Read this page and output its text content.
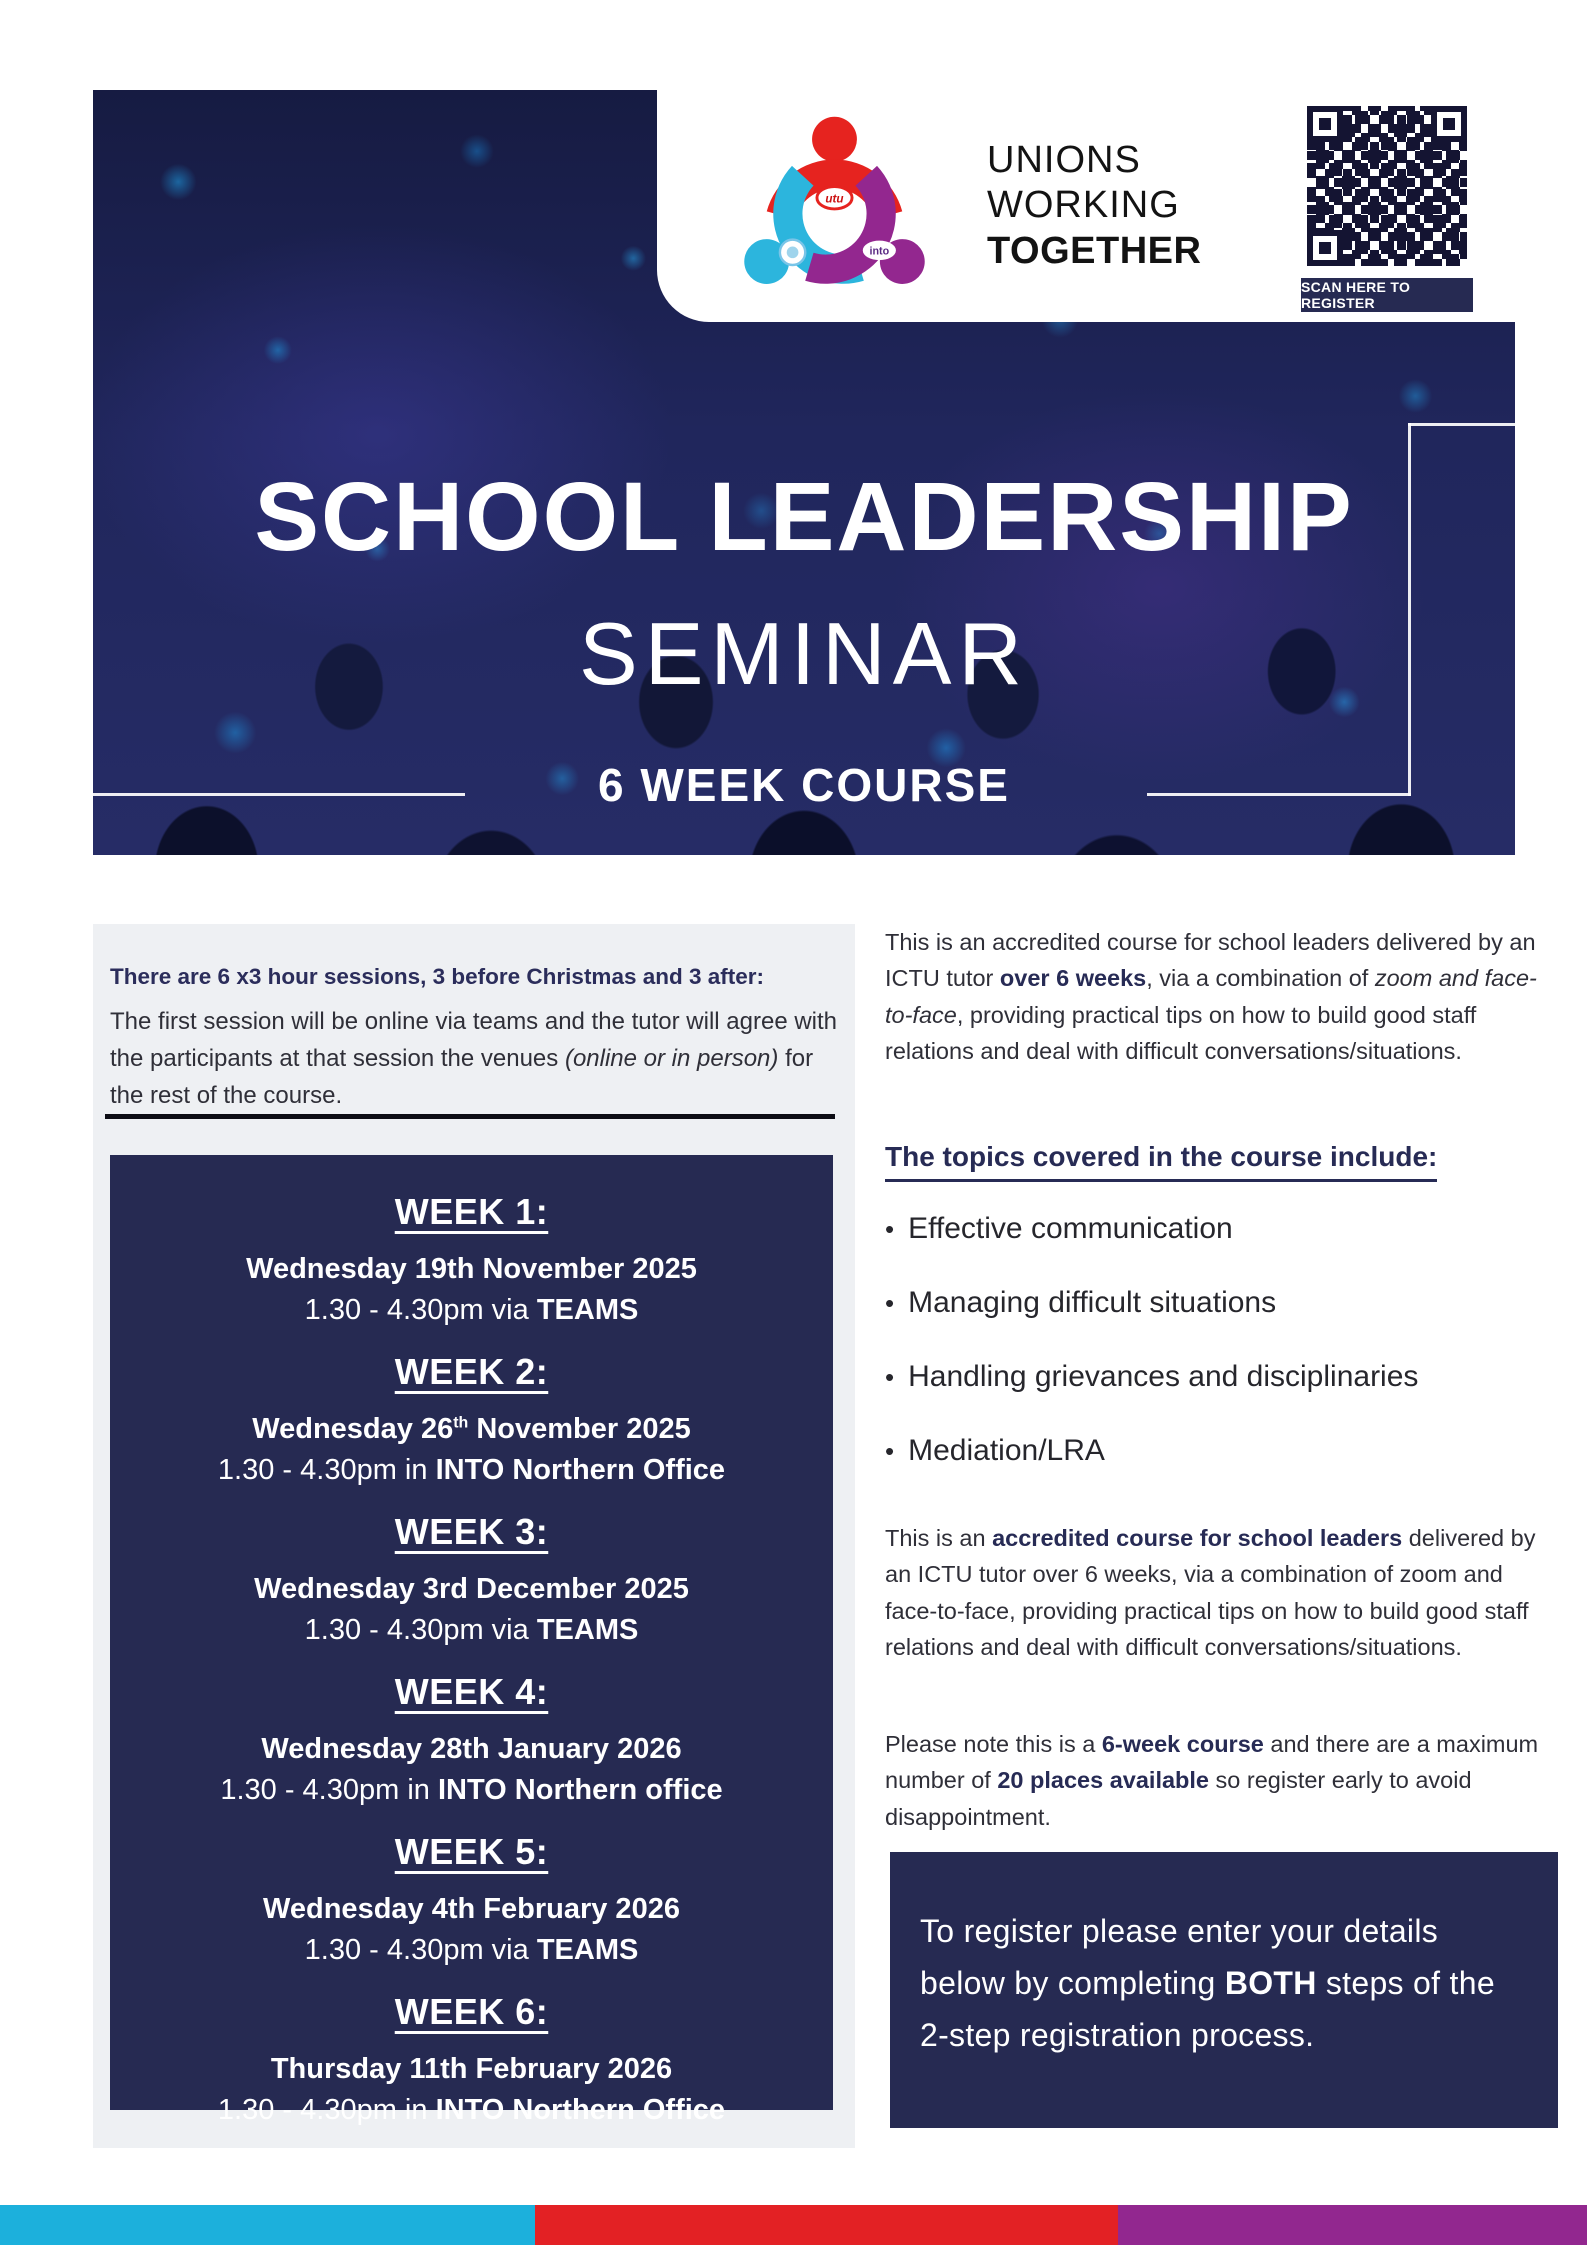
SCHOOL LEADERSHIP
SEMINAR
6 WEEK COURSE
utu
into
UNIONS
WORKING
TOGETHER
SCAN HERE TO REGISTER
There are 6 x3 hour sessions, 3 before Christmas and 3 after:
The first session will be online via teams and the tutor will agree with the participants at that session the venues (online or in person) for the rest of the course.
WEEK 1:
Wednesday 19th November 2025
1.30 - 4.30pm via TEAMS
WEEK 2:
Wednesday 26th November 2025
1.30 - 4.30pm in INTO Northern Office
WEEK 3:
Wednesday 3rd December 2025
1.30 - 4.30pm via TEAMS
WEEK 4:
Wednesday 28th January 2026
1.30 - 4.30pm in INTO Northern office
WEEK 5:
Wednesday 4th February 2026
1.30 - 4.30pm via TEAMS
WEEK 6:
Thursday 11th February 2026
1.30 - 4.30pm in INTO Northern Office

This is an accredited course for school leaders delivered by an ICTU tutor over 6 weeks, via a combination of zoom and face-to-face, providing practical tips on how to build good staff relations and deal with difficult conversations/situations.

The topics covered in the course include:
• Effective communication
• Managing difficult situations
• Handling grievances and disciplinaries
• Mediation/LRA

This is an accredited course for school leaders delivered by an ICTU tutor over 6 weeks, via a combination of zoom and face-to-face, providing practical tips on how to build good staff relations and deal with difficult conversations/situations.

Please note this is a 6-week course and there are a maximum number of 20 places available so register early to avoid disappointment.

To register please enter your details below by completing BOTH steps of the 2-step registration process.
